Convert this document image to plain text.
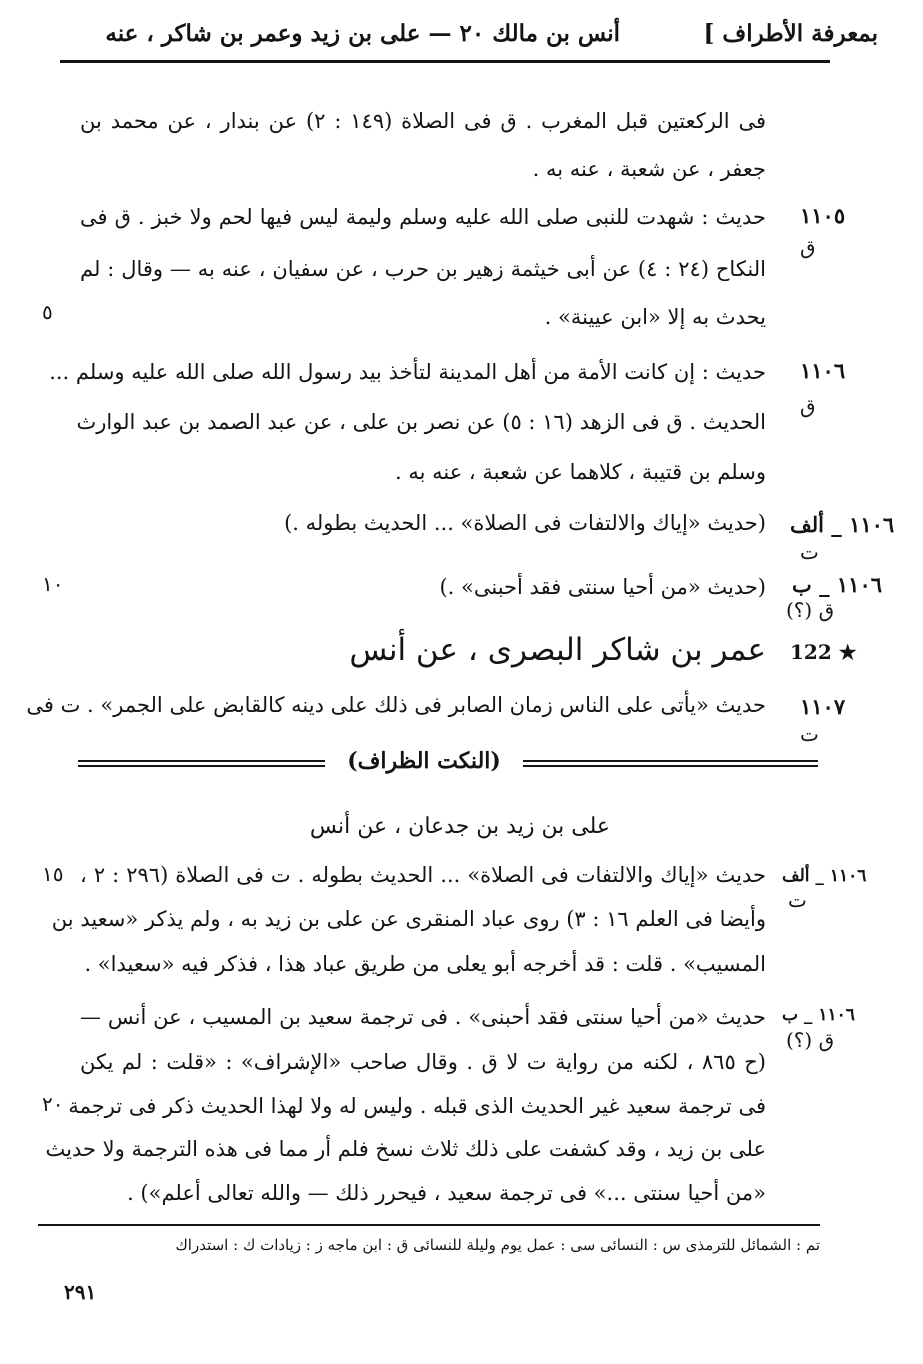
بمعرفة الأطراف ]
أنس بن مالك ٢٠ — على بن زيد وعمر بن شاكر ، عنه
فى الركعتين قبل المغرب . ق فى الصلاة (١٤٩ : ٢) عن بندار ، عن محمد بن
جعفر ، عن شعبة ، عنه به .
١١٠٥
ق
حديث : شهدت للنبى صلى الله عليه وسلم وليمة ليس فيها لحم ولا خبز . ق فى
النكاح (٢٤ : ٤) عن أبى خيثمة زهير بن حرب ، عن سفيان ، عنه به — وقال : لم
يحدث به إلا «ابن عيينة» .
٥
١١٠٦
ق
حديث : إن كانت الأمة من أهل المدينة لتأخذ بيد رسول الله صلى الله عليه وسلم ...
الحديث . ق فى الزهد (١٦ : ٥) عن نصر بن على ، عن عبد الصمد بن عبد الوارث
وسلم بن قتيبة ، كلاهما عن شعبة ، عنه به .
١١٠٦ _ ألف
ت
(حديث «إياك والالتفات فى الصلاة» ... الحديث بطوله .)
١١٠٦ _ ب
ق (؟)
(حديث «من أحيا سنتى فقد أحبنى» .)
١٠
122 ★
عمر بن شاكر البصرى ، عن أنس
١١٠٧
ت
حديث «يأتى على الناس زمان الصابر فى ذلك على دينه كالقابض على الجمر» . ت فى
(النكت الظراف)
على بن زيد بن جدعان ، عن أنس
١١٠٦ _ ألف
ت
حديث «إياك والالتفات فى الصلاة» ... الحديث بطوله . ت فى الصلاة (٢٩٦ : ٢ ،
وأيضا فى العلم ١٦ : ٣) روى عباد المنقرى عن على بن زيد به ، ولم يذكر «سعيد بن
المسيب» . قلت : قد أخرجه أبو يعلى من طريق عباد هذا ، فذكر فيه «سعيدا» .
١٥
١١٠٦ _ ب
ق (؟)
حديث «من أحيا سنتى فقد أحبنى» . فى ترجمة سعيد بن المسيب ، عن أنس —
(ح ٨٦٥ ، لكنه من رواية ت لا ق . وقال صاحب «الإشراف» : «قلت : لم يكن
فى ترجمة سعيد غير الحديث الذى قبله . وليس له ولا لهذا الحديث ذكر فى ترجمة
على بن زيد ، وقد كشفت على ذلك ثلاث نسخ فلم أر مما فى هذه الترجمة ولا حديث
«من أحيا سنتى ...» فى ترجمة سعيد ، فيحرر ذلك — والله تعالى أعلم») .
٢٠
تم : الشمائل للترمذى س : النسائى سى : عمل يوم وليلة للنسائى ق : ابن ماجه ز : زيادات ك : استدراك
٢٩١
